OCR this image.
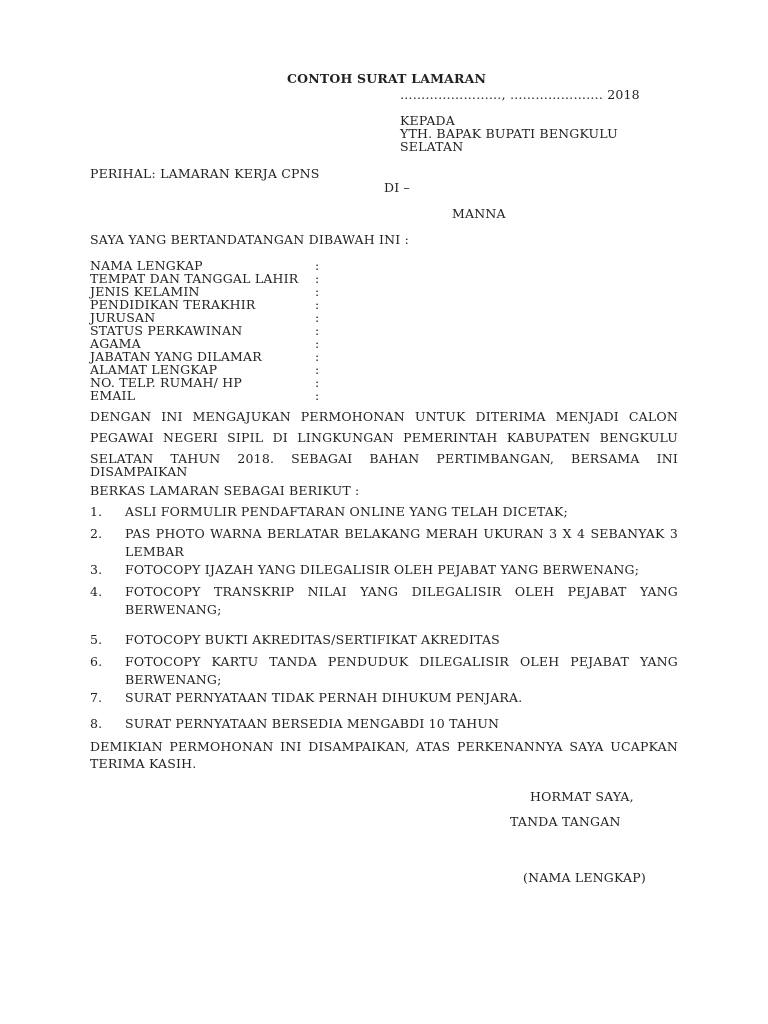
CONTOH SURAT LAMARAN
……………………, …………………. 2018
KEPADA
YTH. BAPAK BUPATI BENGKULU
SELATAN
PERIHAL: LAMARAN KERJA CPNS
DI –
MANNA
SAYA YANG BERTANDATANGAN DIBAWAH INI :
NAMA LENGKAP
TEMPAT DAN TANGGAL LAHIR
JENIS KELAMIN
PENDIDIKAN TERAKHIR
JURUSAN
STATUS PERKAWINAN
AGAMA
JABATAN YANG DILAMAR
ALAMAT LENGKAP
NO. TELP. RUMAH/ HP
EMAIL
:
:
:
:
:
:
:
:
:
:
:
DENGAN INI MENGAJUKAN PERMOHONAN UNTUK DITERIMA MENJADI CALON
PEGAWAI NEGERI SIPIL DI LINGKUNGAN PEMERINTAH KABUPATEN BENGKULU
SELATAN TAHUN 2018. SEBAGAI BAHAN PERTIMBANGAN, BERSAMA INI
DISAMPAIKAN
BERKAS LAMARAN SEBAGAI BERIKUT :
1. ASLI FORMULIR PENDAFTARAN ONLINE YANG TELAH DICETAK;
2. PAS PHOTO WARNA BERLATAR BELAKANG MERAH UKURAN 3 X 4 SEBANYAK 3 LEMBAR
3. FOTOCOPY IJAZAH YANG DILEGALISIR OLEH PEJABAT YANG BERWENANG;
4. FOTOCOPY TRANSKRIP NILAI YANG DILEGALISIR OLEH PEJABAT YANG BERWENANG;
5. FOTOCOPY BUKTI AKREDITAS/SERTIFIKAT AKREDITAS
6. FOTOCOPY KARTU TANDA PENDUDUK DILEGALISIR OLEH PEJABAT YANG BERWENANG;
7. SURAT PERNYATAAN TIDAK PERNAH DIHUKUM PENJARA.
8. SURAT PERNYATAAN BERSEDIA MENGABDI 10 TAHUN
DEMIKIAN PERMOHONAN INI DISAMPAIKAN, ATAS PERKENANNYA SAYA UCAPKAN
TERIMA KASIH.
HORMAT SAYA,
TANDA TANGAN
(NAMA LENGKAP)
